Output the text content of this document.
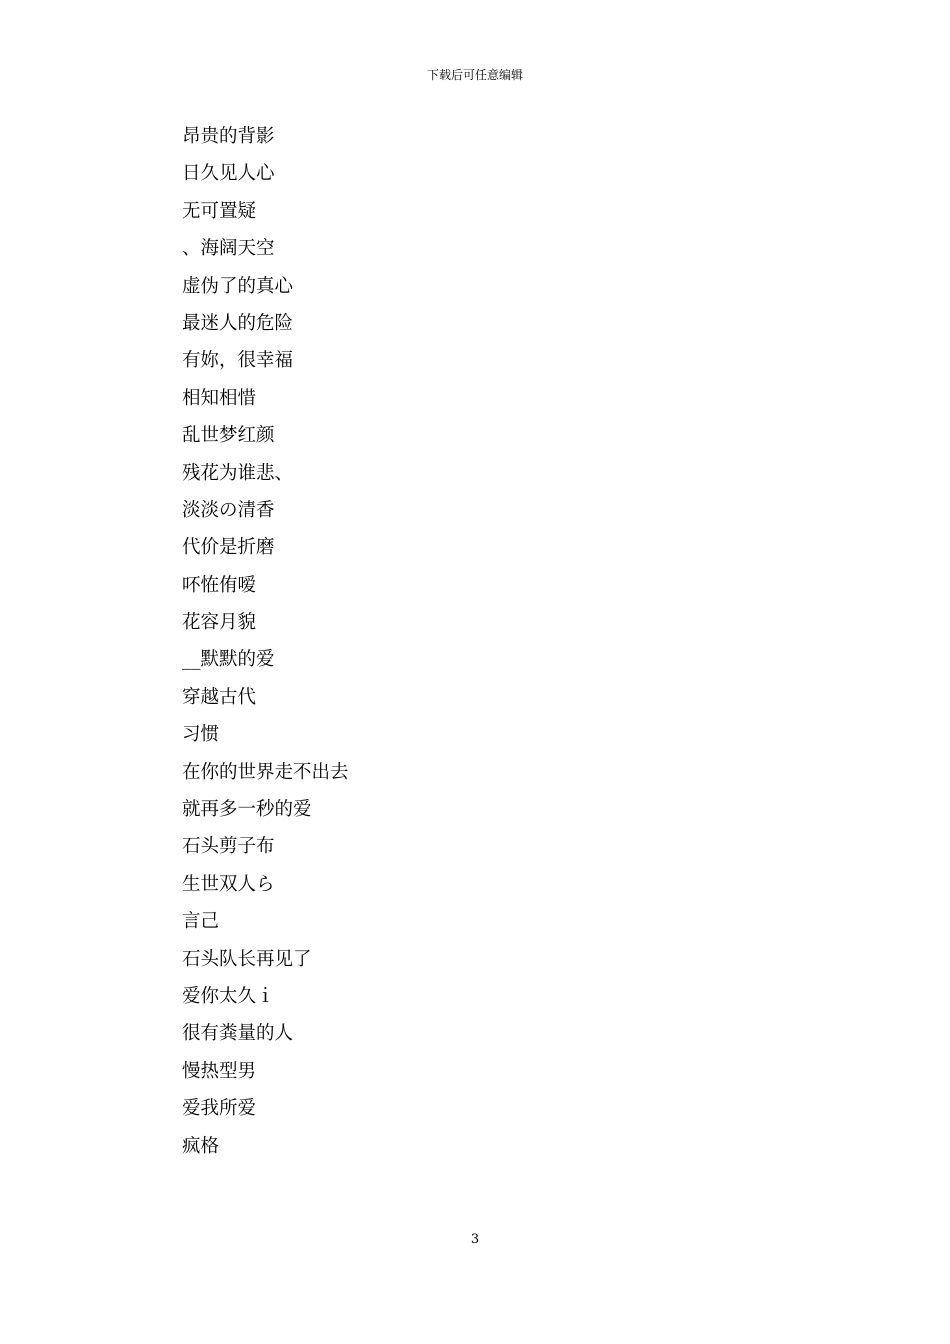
下载后可任意编辑
昂贵的背影
日久见人心
无可置疑
、海阔天空
虚伪了的真心
最迷人的危险
有妳，很幸福
相知相惜
乱世梦红颜
残花为谁悲、
淡淡の清香
代价是折磨
吥恠侑嗳
花容月貌
__默默的爱
穿越古代
习惯
在你的世界走不出去
就再多一秒的爱
石头剪子布
生世双人ら
言己
石头队长再见了
爱你太久ｉ
很有粪量的人
慢热型男
爱我所爱
疯格
3
